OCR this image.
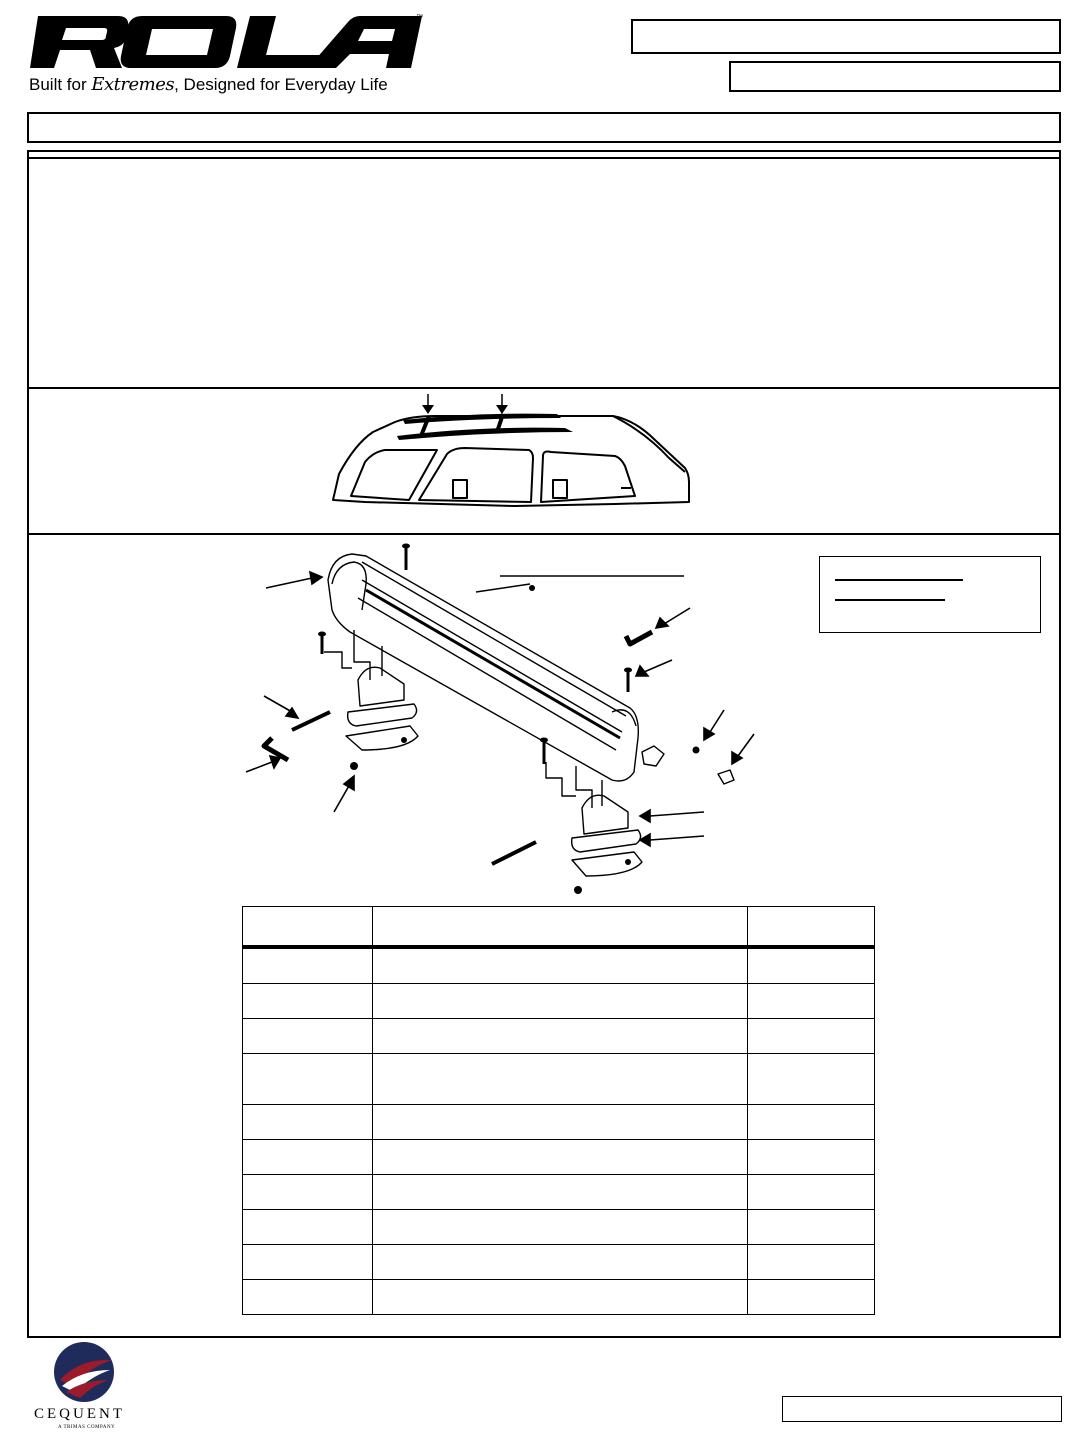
™
Built for Extremes, Designed for Everyday Life

CEQUENT
A TRIMAS COMPANY
